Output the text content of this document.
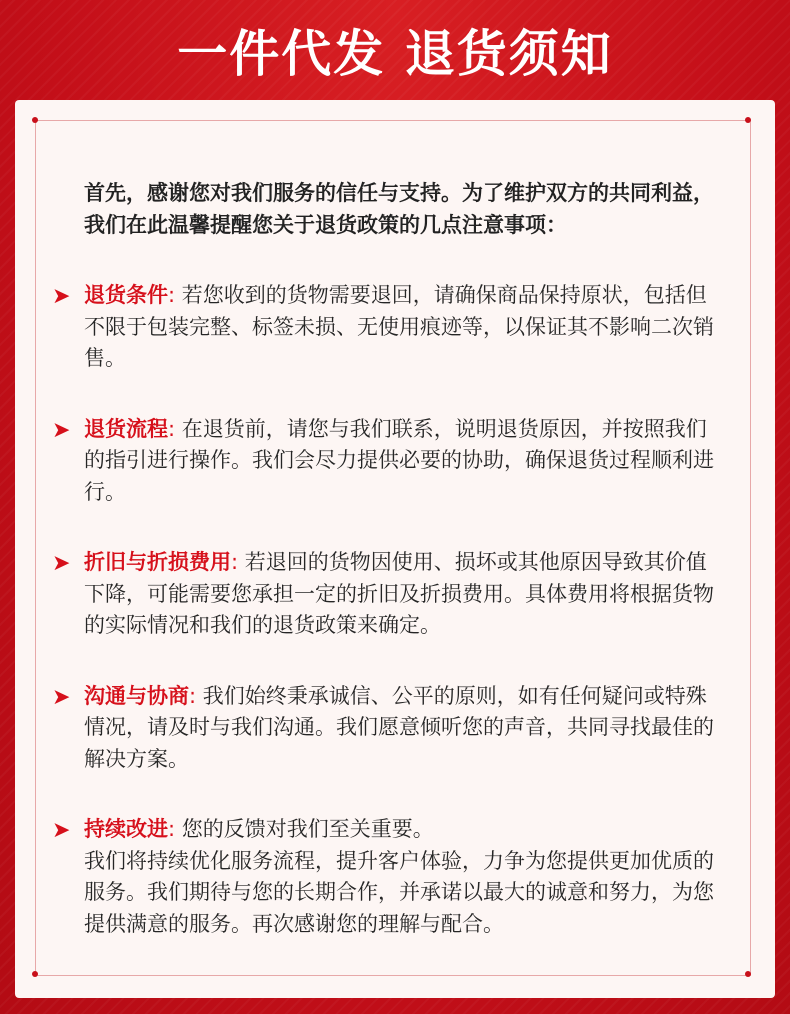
一件代发 退货须知

首先，感谢您对我们服务的信任与支持。为了维护双方的共同利益，我们在此温馨提醒您关于退货政策的几点注意事项：

➤ 退货条件: 若您收到的货物需要退回，请确保商品保持原状，包括但不限于包装完整、标签未损、无使用痕迹等，以保证其不影响二次销售。
➤ 退货流程: 在退货前，请您与我们联系，说明退货原因，并按照我们的指引进行操作。我们会尽力提供必要的协助，确保退货过程顺利进行。
➤ 折旧与折损费用: 若退回的货物因使用、损坏或其他原因导致其价值下降，可能需要您承担一定的折旧及折损费用。具体费用将根据货物的实际情况和我们的退货政策来确定。
➤ 沟通与协商: 我们始终秉承诚信、公平的原则，如有任何疑问或特殊情况，请及时与我们沟通。我们愿意倾听您的声音，共同寻找最佳的解决方案。
➤ 持续改进: 您的反馈对我们至关重要。
我们将持续优化服务流程，提升客户体验，力争为您提供更加优质的服务。我们期待与您的长期合作，并承诺以最大的诚意和努力，为您提供满意的服务。再次感谢您的理解与配合。
